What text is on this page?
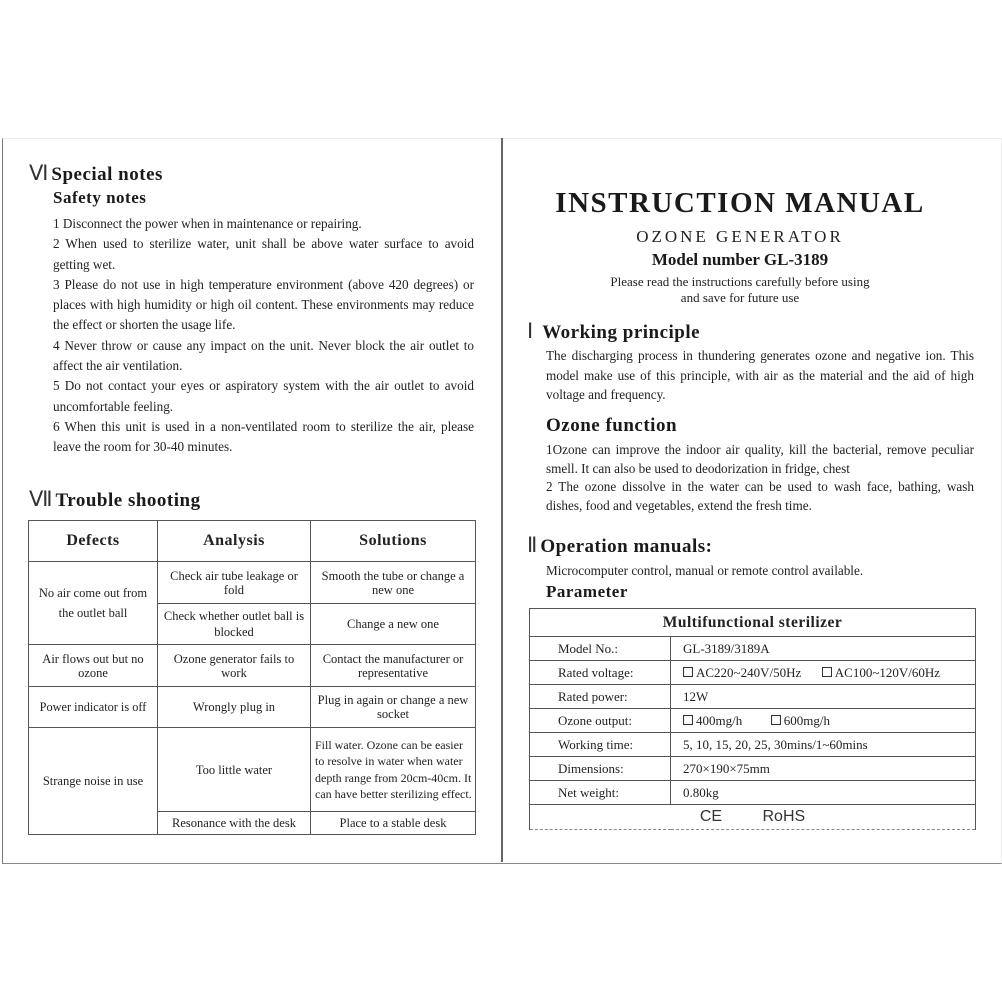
Ⅵ Special notes
Safety notes

1 Disconnect the power when in maintenance or repairing.

2 When used to sterilize water, unit shall be above water surface to avoid getting wet.

3 Please do not use in high temperature environment (above 420 degrees) or places with high humidity or high oil content. These environments may reduce the effect or shorten the usage life.

4 Never throw or cause any impact on the unit. Never block the air outlet to affect the air ventilation.

5 Do not contact your eyes or aspiratory system with the air outlet to avoid uncomfortable feeling.

6 When this unit is used in a non-ventilated room to sterilize the air, please leave the room for 30-40 minutes.

Ⅶ Trouble shooting
Defects	Analysis	Solutions
No air come out from the outlet ball	Check air tube leakage or fold	Smooth the tube or change a new one
	Check whether outlet ball is blocked	Change a new one
Air flows out but no ozone	Ozone generator fails to work	Contact the manufacturer or representative
Power indicator is off	Wrongly plug in	Plug in again or change a new socket
Strange noise in use	Too little water	Fill water. Ozone can be easier to resolve in water when water depth range from 20cm-40cm. It can have better sterilizing effect.
	Resonance with the desk	Place to a stable desk
INSTRUCTION MANUAL
OZONE GENERATOR
Model number GL-3189
Please read the instructions carefully before using
and save for future use
Ⅰ Working principle

The discharging process in thundering generates ozone and negative ion. This model make use of this principle, with air as the material and the aid of high voltage and frequency.

Ozone function

1Ozone can improve the indoor air quality, kill the bacterial, remove peculiar smell. It can also be used to deodorization in fridge, chest

2 The ozone dissolve in the water can be used to wash face, bathing, wash dishes, food and vegetables, extend the fresh time.

Ⅱ Operation manuals:
Microcomputer control, manual or remote control available.
Parameter
Multifunctional sterilizer	
Model No.:	GL-3189/3189A
Rated voltage:	AC220~240V/50Hz AC100~120V/60Hz
Rated power:	12W
Ozone output:	400mg/h 600mg/h
Working time:	5, 10, 15, 20, 25, 30mins/1~60mins
Dimensions:	270×190×75mm
Net weight:	0.80kg
CE RoHS	
